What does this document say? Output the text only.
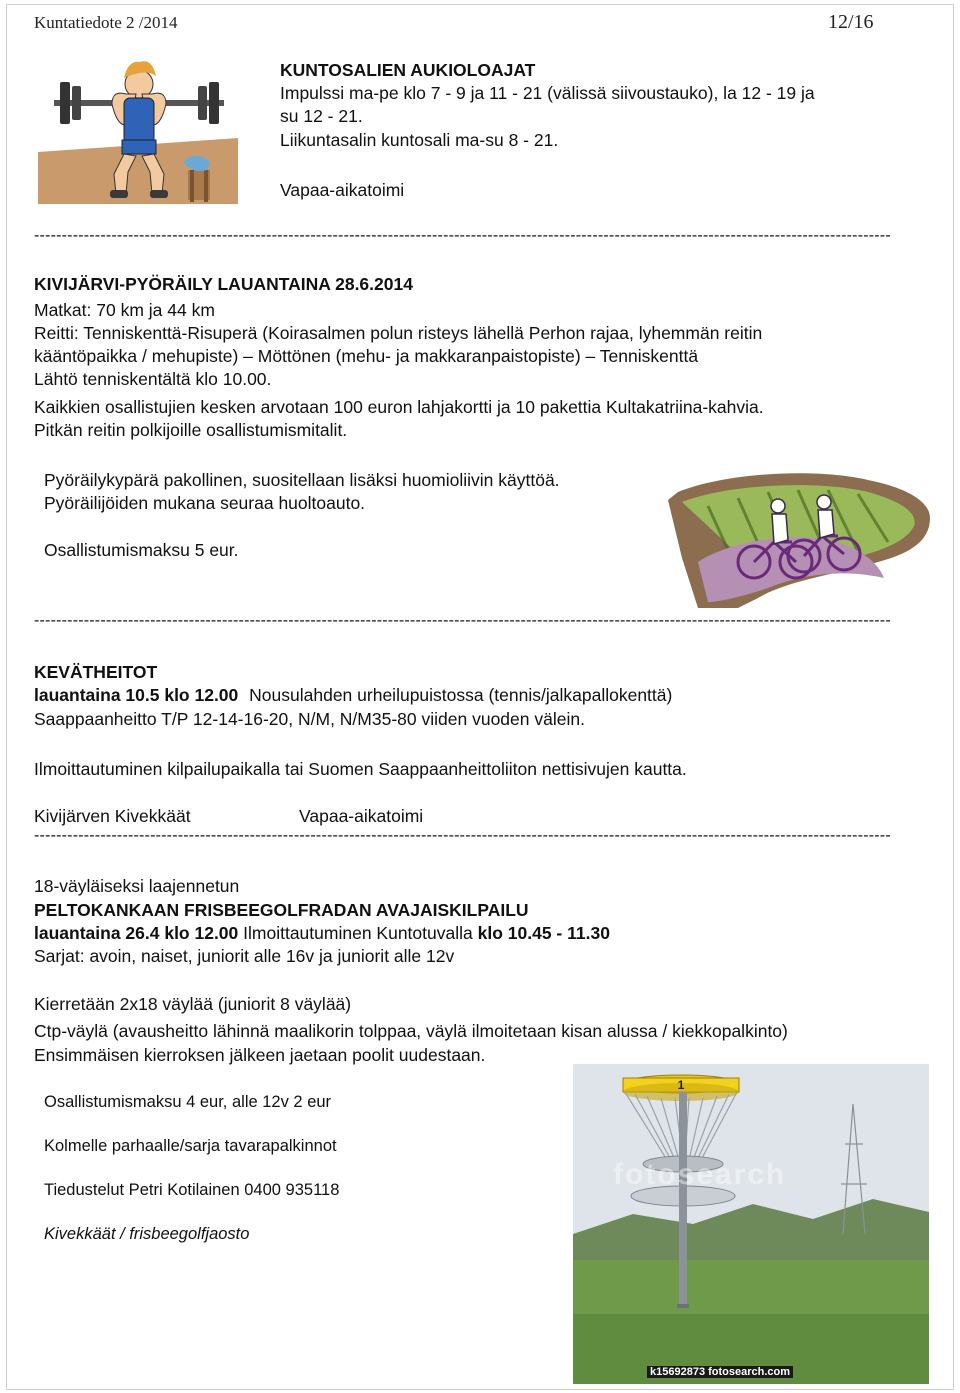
Kuntatiedote 2 /2014	12/16
KUNTOSALIEN AUKIOLOAJAT
Impulssi ma-pe klo 7 - 9 ja 11 - 21 (välissä siivoustauko), la 12 - 19 ja
su 12 - 21.
Liikuntasalin kuntosali ma-su 8 - 21.
Vapaa-aikatoimi
-----------------------------------------------------------------------------------------------------------------------------------------------------------
KIVIJÄRVI-PYÖRÄILY LAUANTAINA 28.6.2014
Matkat: 70 km ja 44 km
Reitti: Tenniskenttä-Risuperä (Koirasalmen polun risteys lähellä Perhon rajaa, lyhemmän reitin
kääntöpaikka / mehupiste) – Möttönen (mehu- ja makkaranpaistopiste) – Tenniskenttä
Lähtö tenniskentältä klo 10.00.
Kaikkien osallistujien kesken arvotaan 100 euron lahjakortti ja 10 pakettia Kultakatriina-kahvia.
Pitkän reitin polkijoille osallistumismitalit.
Pyöräilykypärä pakollinen, suositellaan lisäksi huomioliivin käyttöä.
Pyöräilijöiden mukana seuraa huoltoauto.
Osallistumismaksu 5 eur.
-----------------------------------------------------------------------------------------------------------------------------------------------------------
KEVÄTHEITOT
lauantaina 10.5 klo 12.00 Nousulahden urheilupuistossa (tennis/jalkapallokenttä)
Saappaanheitto T/P 12-14-16-20, N/M, N/M35-80 viiden vuoden välein.
Ilmoittautuminen kilpailupaikalla tai Suomen Saappaanheittoliiton nettisivujen kautta.
Kivijärven Kivekkäät	Vapaa-aikatoimi
-----------------------------------------------------------------------------------------------------------------------------------------------------------
18-väyläiseksi laajennetun
PELTOKANKAAN FRISBEEGOLFRADAN AVAJAISKILPAILU
lauantaina 26.4 klo 12.00 Ilmoittautuminen Kuntotuvalla klo 10.45 - 11.30
Sarjat: avoin, naiset, juniorit alle 16v ja juniorit alle 12v
Kierretään 2x18 väylää (juniorit 8 väylää)
Ctp-väylä (avausheitto lähinnä maalikorin tolppaa, väylä ilmoitetaan kisan alussa / kiekkopalkinto)
Ensimmäisen kierroksen jälkeen jaetaan poolit uudestaan.
Osallistumismaksu 4 eur, alle 12v 2 eur
Kolmelle parhaalle/sarja tavarapalkinnot
Tiedustelut Petri Kotilainen 0400 935118
Kivekkäät / frisbeegolfjaosto
1
fotosearch
k15692873 fotosearch.com
